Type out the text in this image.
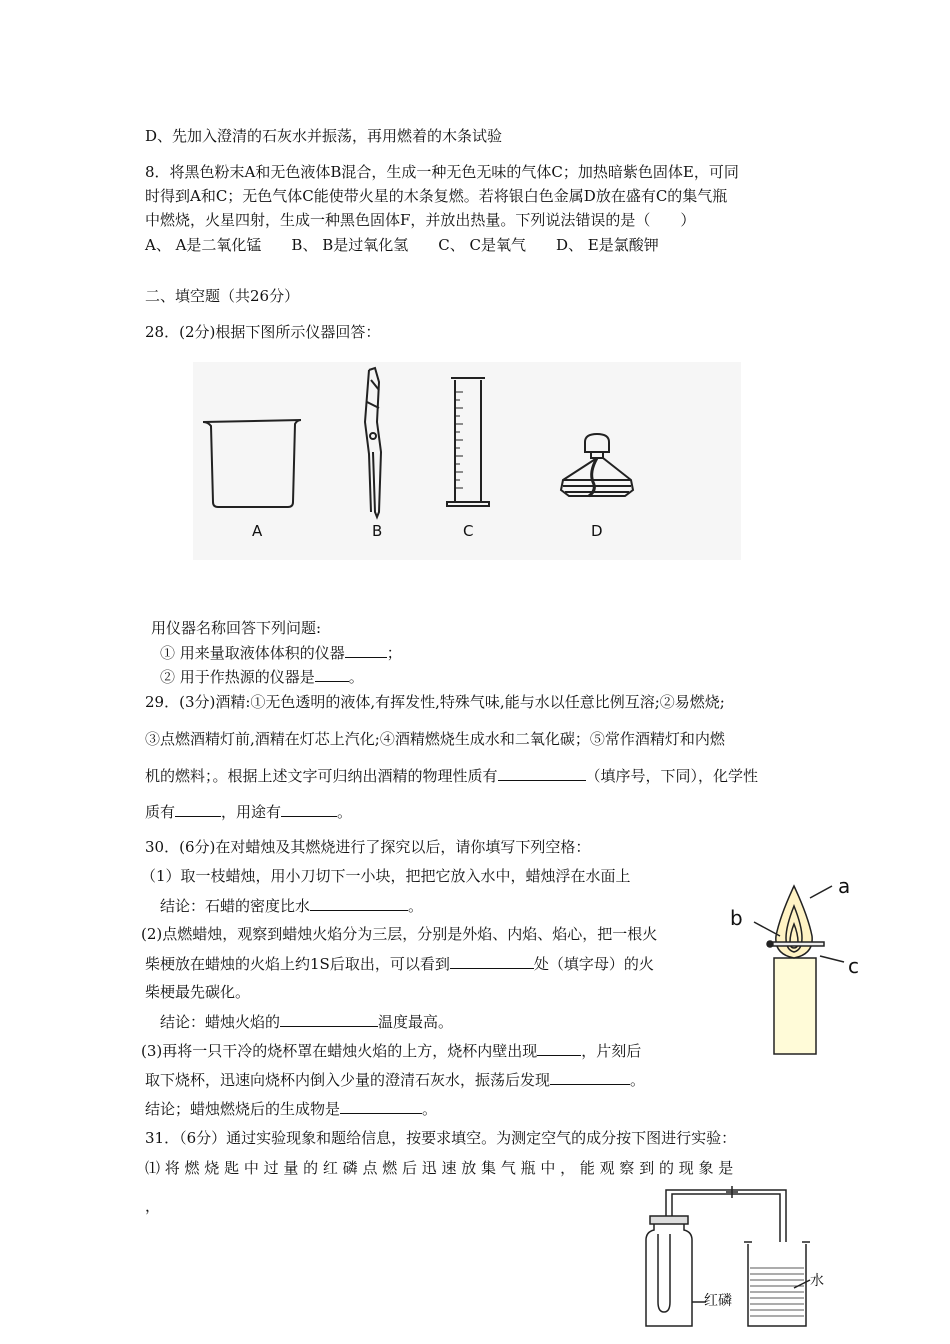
D、先加入澄清的石灰水并振荡，再用燃着的木条试验
8．将黑色粉末A和无色液体B混合，生成一种无色无味的气体C；加热暗紫色固体E，可同
时得到A和C；无色气体C能使带火星的木条复燃。若将银白色金属D放在盛有C的集气瓶
中燃烧，火星四射，生成一种黑色固体F，并放出热量。下列说法错误的是（　　）
A、 A是二氧化锰　　B、 B是过氧化氢　　C、 C是氧气　　D、 E是氯酸钾
二、填空题（共26分）
28．(2分)根据下图所示仪器回答：
A	B	C	D
用仪器名称回答下列问题:
① 用来量取液体体积的仪器	；
② 用于作热源的仪器是 。
29．(3分)酒精:①无色透明的液体,有挥发性,特殊气味,能与水以任意比例互溶;②易燃烧;
③点燃酒精灯前,酒精在灯芯上汽化;④酒精燃烧生成水和二氧化碳；⑤常作酒精灯和内燃
机的燃料；。根据上述文字可归纳出酒精的物理性质有	（填序号，下同），化学性
质有	，用途有	。
30．(6分)在对蜡烛及其燃烧进行了探究以后，请你填写下列空格：
（1）取一枝蜡烛，用小刀切下一小块，把把它放入水中，蜡烛浮在水面上
结论：石蜡的密度比水	。
(2)点燃蜡烛，观察到蜡烛火焰分为三层，分别是外焰、内焰、焰心，把一根火
柴梗放在蜡烛的火焰上约1S后取出，可以看到	处（填字母）的火
柴梗最先碳化。
结论：蜡烛火焰的	温度最高。
(3)再将一只干冷的烧杯罩在蜡烛火焰的上方，烧杯内壁出现	，片刻后
取下烧杯，迅速向烧杯内倒入少量的澄清石灰水，振荡后发现	。
结论；蜡烛燃烧后的生成物是	。
a
b
c
31．（6分）通过实验现象和题给信息，按要求填空。为测定空气的成分按下图进行实验：
⑴ 将 燃 烧 匙 中 过 量 的 红 磷 点 燃 后 迅 速 放 集 气 瓶 中 ， 能 观 察 到 的 现 象 是
，
红磷
水
